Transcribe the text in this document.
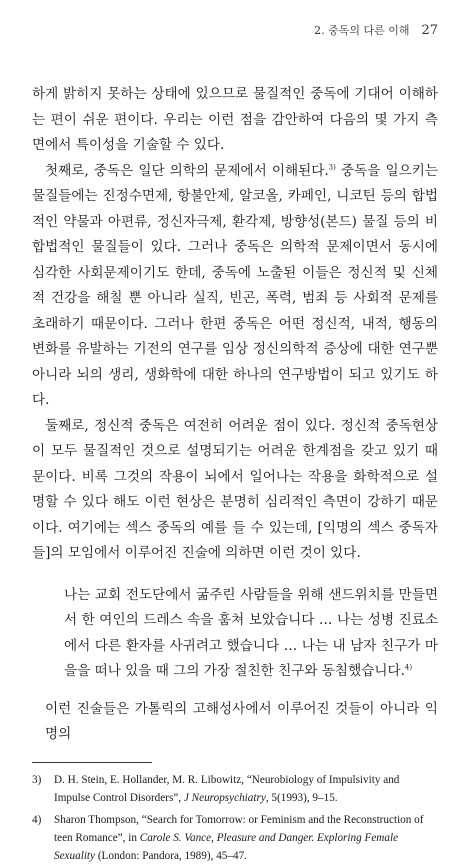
2. 중독의 다른 이해 27

하게 밝히지 못하는 상태에 있으므로 물질적인 중독에 기대어 이해하는 편이 쉬운 편이다. 우리는 이런 점을 감안하여 다음의 몇 가지 측면에서 특이성을 기술할 수 있다.

첫째로, 중독은 일단 의학의 문제에서 이해된다.$^{3)}$ 중독을 일으키는 물질들에는 진정수면제, 항불안제, 알코올, 카페인, 니코틴 등의 합법적인 약물과 아편류, 정신자극제, 환각제, 방향성(본드) 물질 등의 비합법적인 물질들이 있다. 그러나 중독은 의학적 문제이면서 동시에 심각한 사회문제이기도 한데, 중독에 노출된 이들은 정신적 및 신체적 건강을 해칠 뿐 아니라 실직, 빈곤, 폭력, 범죄 등 사회적 문제를 초래하기 때문이다. 그러나 한편 중독은 어떤 정신적, 내적, 행동의 변화를 유발하는 기전의 연구를 임상 정신의학적 증상에 대한 연구뿐 아니라 뇌의 생리, 생화학에 대한 하나의 연구방법이 되고 있기도 하다.

둘째로, 정신적 중독은 여전히 어려운 점이 있다. 정신적 중독현상이 모두 물질적인 것으로 설명되기는 어려운 한계점을 갖고 있기 때문이다. 비록 그것의 작용이 뇌에서 일어나는 작용을 화학적으로 설명할 수 있다 해도 이런 현상은 분명히 심리적인 측면이 강하기 때문이다. 여기에는 섹스 중독의 예를 들 수 있는데, [익명의 섹스 중독자들]의 모임에서 이루어진 진술에 의하면 이런 것이 있다.

나는 교회 전도단에서 굶주린 사람들을 위해 샌드위치를 만들면서 한 여인의 드레스 속을 훔쳐 보았습니다 … 나는 성병 진료소에서 다른 환자를 사귀려고 했습니다 … 나는 내 남자 친구가 마을을 떠나 있을 때 그의 가장 절친한 친구와 동침했습니다.$^{4)}$

이런 진술들은 가톨릭의 고해성사에서 이루어진 것들이 아니라 익명의

3)	D. H. Stein, E. Hollander, M. R. Libowitz, “Neurobiology of Impulsivity and Impulse Control Disorders”, J Neuropsychiatry, 5(1993), 9–15.

4)	Sharon Thompson, “Search for Tomorrow: or Feminism and the Reconstruction of teen Romance”, in Carole S. Vance, Pleasure and Danger. Exploring Female Sexuality (London: Pandora, 1989), 45–47.
